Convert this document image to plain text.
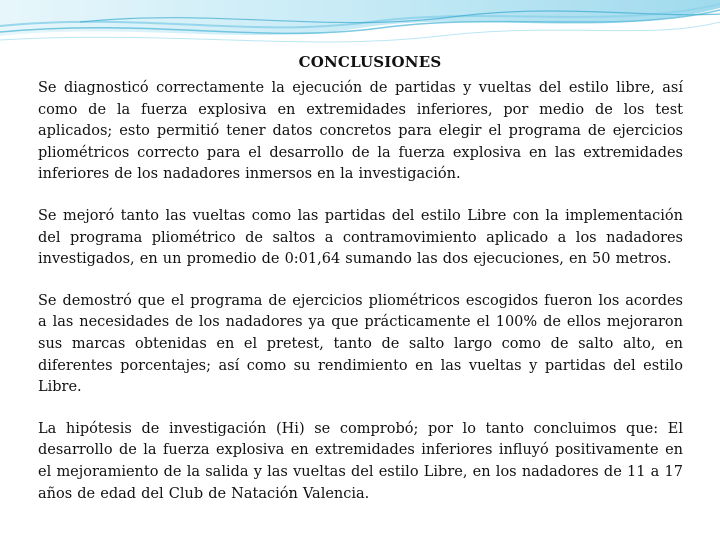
CONCLUSIONES

Se diagnosticó correctamente la ejecución de partidas y vueltas del estilo libre, así como de la fuerza explosiva en extremidades inferiores, por medio de los test aplicados; esto permitió tener datos concretos para elegir el programa de ejercicios pliométricos correcto para el desarrollo de la fuerza explosiva en las extremidades inferiores de los nadadores inmersos en la investigación.

Se mejoró tanto las vueltas como las partidas del estilo Libre con la implementación del programa pliométrico de saltos a contramovimiento aplicado a los nadadores investigados, en un promedio de 0:01,64 sumando las dos ejecuciones, en 50 metros.

Se demostró que el programa de ejercicios pliométricos escogidos fueron los acordes a las necesidades de los nadadores ya que prácticamente el 100% de ellos mejoraron sus marcas obtenidas en el pretest, tanto de salto largo como de salto alto, en diferentes porcentajes; así como su rendimiento en las vueltas y partidas del estilo Libre.

La hipótesis de investigación (Hi) se comprobó; por lo tanto concluimos que: El desarrollo de la fuerza explosiva en extremidades inferiores influyó positivamente en el mejoramiento de la salida y las vueltas del estilo Libre, en los nadadores de 11 a 17 años de edad del Club de Natación Valencia.
